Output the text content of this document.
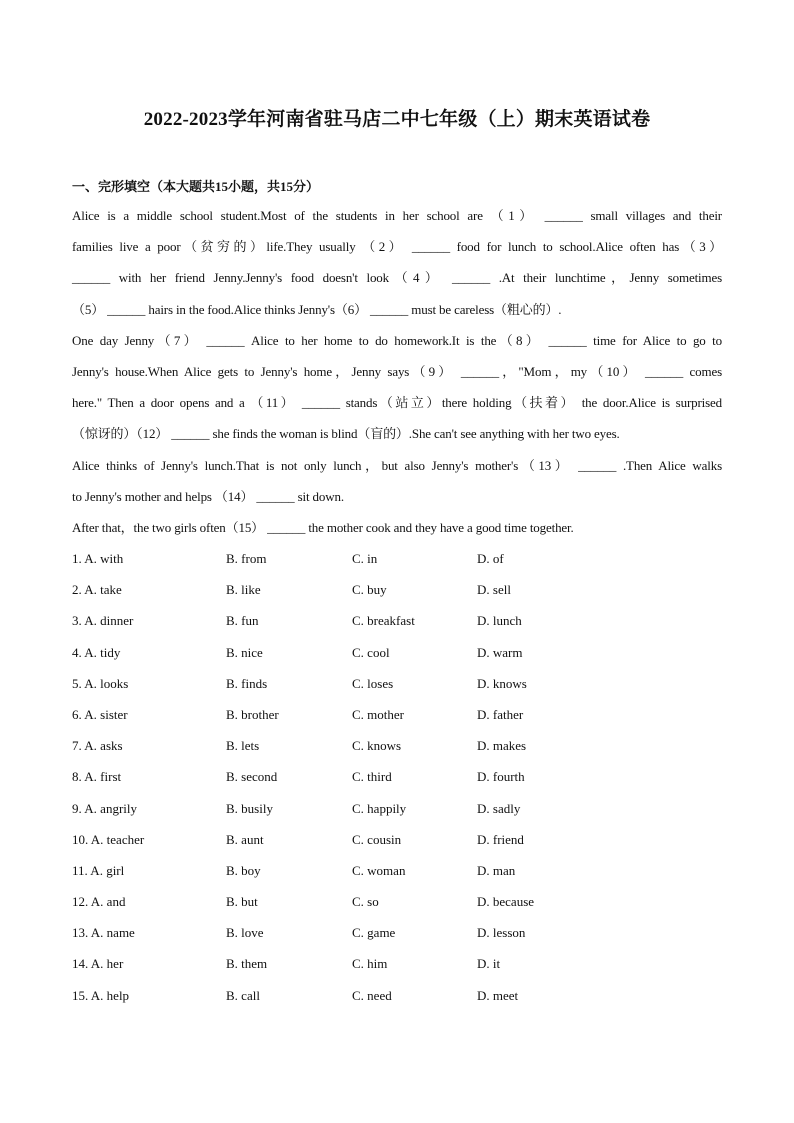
2022-2023学年河南省驻马店二中七年级（上）期末英语试卷
一、完形填空（本大题共15小题，共15分）
Alice is a middle school student.Most of the students in her school are （1） ______ small villages and their
families live a poor（贫穷的）life.They usually （2） ______ food for lunch to school.Alice often has（3）
______ with her friend Jenny.Jenny's food doesn't look（4） ______ .At their lunchtime，Jenny sometimes
（5） ______ hairs in the food.Alice thinks Jenny's（6） ______ must be careless（粗心的）.
One day Jenny（7） ______ Alice to her home to do homework.It is the（8） ______ time for Alice to go to
Jenny's house.When Alice gets to Jenny's home，Jenny says（9） ______，"Mom，my（10） ______ comes
here." Then a door opens and a （11） ______ stands（站立）there holding（扶着） the door.Alice is surprised
（惊讶的）（12） ______ she finds the woman is blind（盲的）.She can't see anything with her two eyes.
Alice thinks of Jenny's lunch.That is not only lunch，but also Jenny's mother's（13） ______ .Then Alice walks
to Jenny's mother and helps （14） ______ sit down.
After that，the two girls often（15） ______ the mother cook and they have a good time together.
1. A. with	B. from	C. in	D. of
2. A. take	B. like	C. buy	D. sell
3. A. dinner	B. fun	C. breakfast	D. lunch
4. A. tidy	B. nice	C. cool	D. warm
5. A. looks	B. finds	C. loses	D. knows
6. A. sister	B. brother	C. mother	D. father
7. A. asks	B. lets	C. knows	D. makes
8. A. first	B. second	C. third	D. fourth
9. A. angrily	B. busily	C. happily	D. sadly
10. A. teacher	B. aunt	C. cousin	D. friend
11. A. girl	B. boy	C. woman	D. man
12. A. and	B. but	C. so	D. because
13. A. name	B. love	C. game	D. lesson
14. A. her	B. them	C. him	D. it
15. A. help	B. call	C. need	D. meet
